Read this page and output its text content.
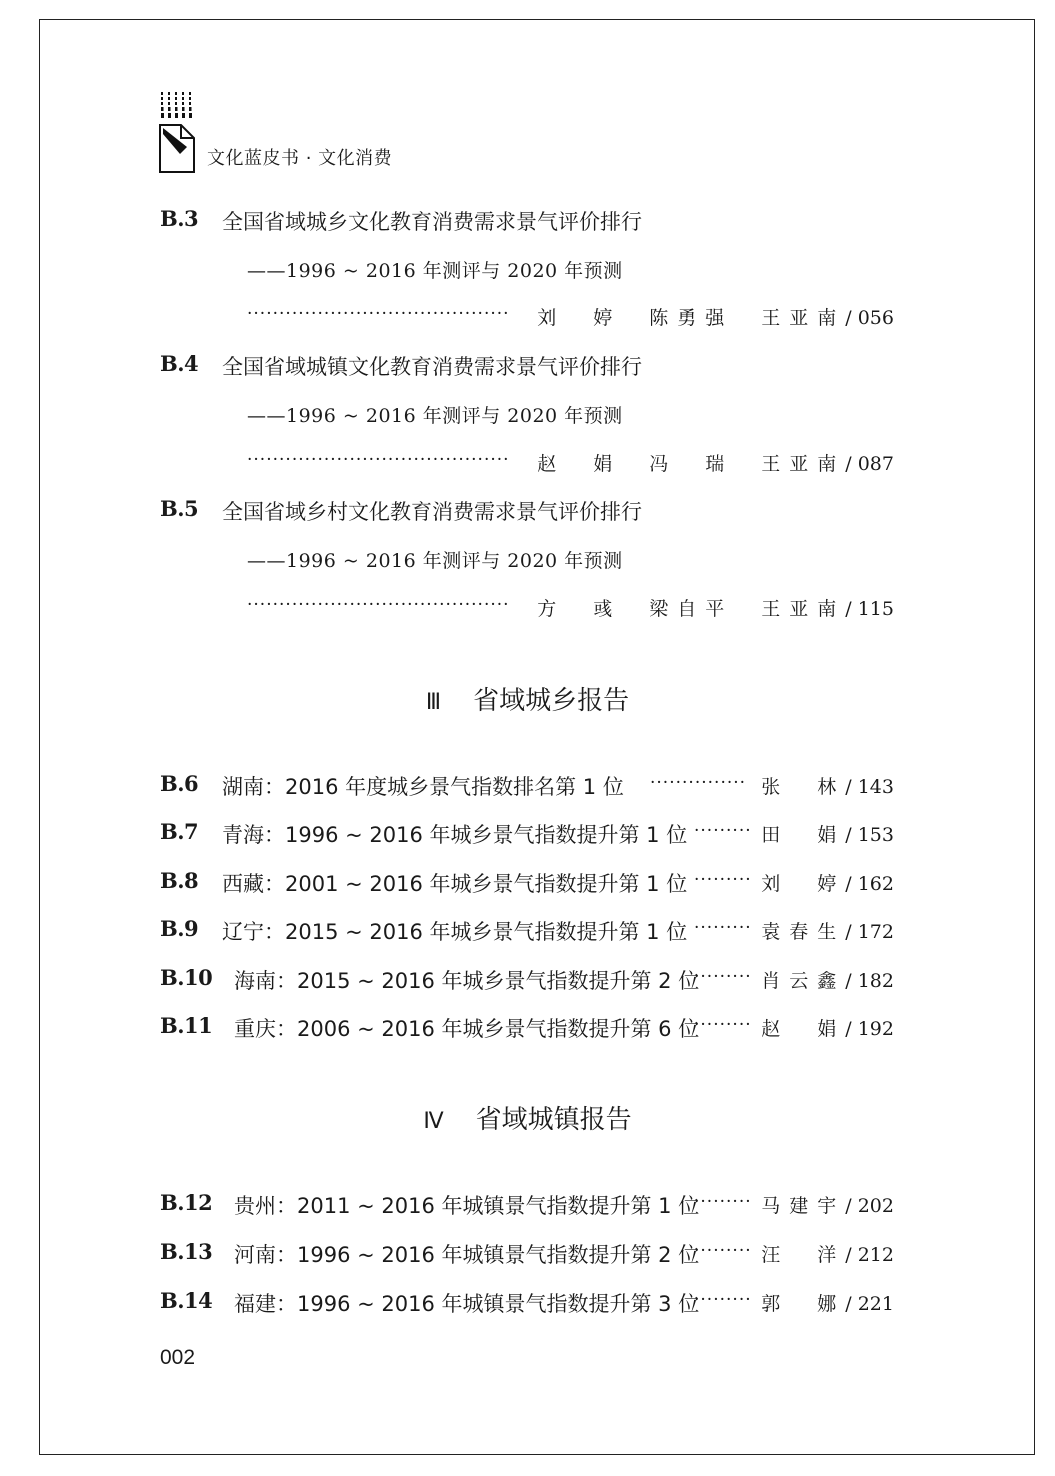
文化蓝皮书 · 文化消费
B.3 全国省域城乡文化教育消费需求景气评价排行
——1996 ~ 2016 年测评与 2020 年预测
········································· 刘　婷　陈勇强　王亚南/ 056
B.4 全国省域城镇文化教育消费需求景气评价排行
——1996 ~ 2016 年测评与 2020 年预测
········································· 赵　娟　冯　瑞　王亚南/ 087
B.5 全国省域乡村文化教育消费需求景气评价排行
——1996 ~ 2016 年测评与 2020 年预测
········································· 方　彧　梁自平　王亚南/ 115
Ⅲ 省域城乡报告
B.6 湖南：2016 年度城乡景气指数排名第 1 位 ··············· 张　林/ 143
B.7 青海：1996 ~ 2016 年城乡景气指数提升第 1 位 ········· 田　娟/ 153
B.8 西藏：2001 ~ 2016 年城乡景气指数提升第 1 位 ········· 刘　婷/ 162
B.9 辽宁：2015 ~ 2016 年城乡景气指数提升第 1 位 ········· 袁春生/ 172
B.10 海南：2015 ~ 2016 年城乡景气指数提升第 2 位
········· 肖云鑫/ 182
B.11 重庆：2006 ~ 2016 年城乡景气指数提升第 6 位
········· 赵　娟/ 192
Ⅳ 省域城镇报告
B.12 贵州：2011 ~ 2016 年城镇景气指数提升第 1 位
········· 马建宇/ 202
B.13 河南：1996 ~ 2016 年城镇景气指数提升第 2 位
········· 汪　洋/ 212
B.14 福建：1996 ~ 2016 年城镇景气指数提升第 3 位
········· 郭　娜/ 221
002
